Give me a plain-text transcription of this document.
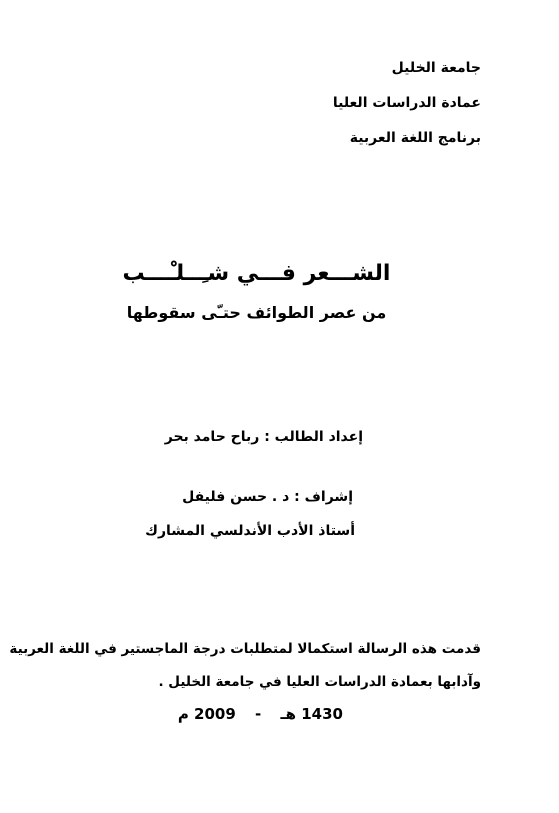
جامعة الخليل
عمادة الدراسات العليا
برنامج اللغة العربية
الشـــعر فـــي شـِــلـْـــب
من عصر الطوائف حتـّى سقوطها
إعداد الطالب : رباح حامد بحر
إشراف : د . حسن فليفل
أستاذ الأدب الأندلسي المشارك
قدمت هذه الرسالة استكمالا لمتطلبات درجة الماجستير في اللغة العربية
وآدابها بعمادة الدراسات العليا في جامعة الخليل .
1430 هـ - 2009 م
